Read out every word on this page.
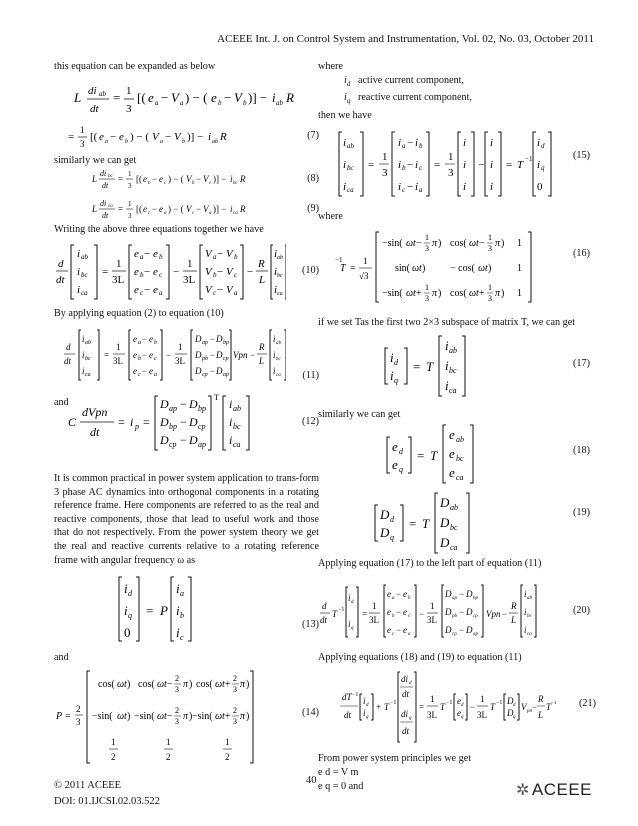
ACEEE Int. J. on Control System and Instrumentation, Vol. 02, No. 03, October 2011

this equation can be expanded as below

L di ab
dt
= 1
3
[( e a − V a ) − ( e b − V b )] − i ab R
=
1
3
[( e a − e b ) − ( V a − V b )] − i ab R	(7)

similarly we can get

L
di bc
dt
= 1
3
[( e b − e c ) − ( V b − V c )] − i bc R	(8)
L
di ca
dt
= 1
3
[( e c − e a ) − ( V c − V a )] − i ca R	(9)

Writing the above three equations together we have

d
dt
i ab
i bc
i ca
=
1
3L
e a − e b
e b − e c
e c − e a
−
1
3L
V a − V b
V b − V c
V c − V a
−
R
L
i ab
i bc
i ca
(10)

By applying equation (2) to equation (10)

d
dt
i ab
i bc
i ca
=
1
3L
e a − e b
e b − e c
e c − e a
−
1
3L
D ap − D bp
D pb − D cp
D cp − D ap
Vpn −
R
L
i ab
i bc
i ca (11)

and

C
dVpn
dt
= i p =
T
D ap − D bp
D bp − D cp
D cp − D ap
i ab
i bc
i ca
(12)

It is common practical in power system application to trans-form 3 phase AC dynamics into orthogonal components in a rotating reference frame. Here components are referred to as the real and reactive components, those that lead to useful work and those that do not respectively. From the power system theory we get the real and reactive currents relative to a rotating reference frame with angular frequency ω as

i d
i q
0
= P
i a
i b
i c
(13)

and

P =
2
3
cos( ωt ) cos( ωt −
2
3 π ) cos( ωt +
2
3 π )
−sin( ωt ) −sin( ωt −
2
3 π ) −sin( ωt +
2
3 π )
1
2
1
2
1
2
(14)

where

$i_d$ active current component,

$i_q$ reactive current component,

then we have

i ab
i bc
i ca
=
1
3
i a − i b
i b − i c
i c − i a
=
1
3
i
i
i
−
i
i
i
= T −1
i d
i q
0
(15)

where

T
−1
=
1
√3
−sin( ωt −
1
3 π ) cos( ωt −
1
3 π ) 1
sin( ωt ) − cos( ωt )	1
−sin( ωt +
1
3 π ) cos( ωt +
1
3 π ) 1
(16)

if we set Tas the first two 2×3 subspace of matrix T, we can get

i d
i q
= T
i ab
i bc
i ca
(17)

similarly we can get

e d
e q
= T
e ab
e bc
e ca
(18)
D d
D q
= T
D ab
D bc
D ca
(19)

Applying equation (17) to the left part of equation (11)

d
dt
T −1
i d
i q
=
1
3L
e a − e b
e b − e c
e c − e a
−
1
3L
D ap − D bp
D pb − D cp
D cp − D ap
Vpn −
R
L
i ab
i bc
i ca
(20)

Applying equations (18) and (19) to equation (11)

dT −1
dt
i d
i q
+ T −1
di d
dt
di q
dt
=
1
3L
T −1 e d
e q
−
1
3L
T −1 D d
D q
V pn −
R
L
T −1 (21)

From power system principles we get

e d = V m

e q = 0 and

© 2011 ACEEE
DOI: 01.IJCSI.02.03.522
40
✲ ACEEE
